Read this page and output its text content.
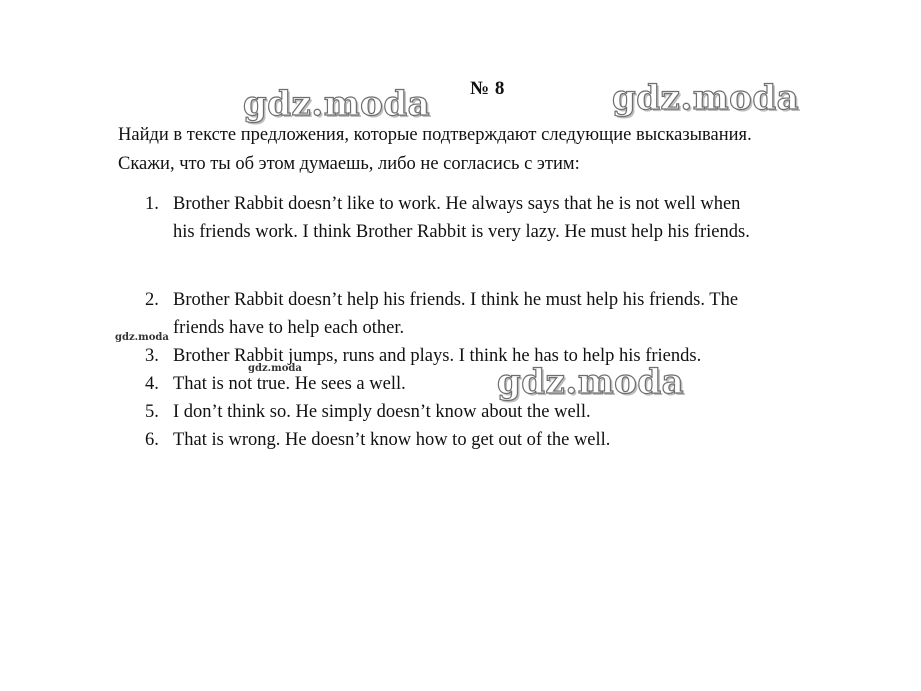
№ 8
Найди в тексте предложения, которые подтверждают следующие высказывания.
Скажи, что ты об этом думаешь, либо не согласись с этим:
1. Brother Rabbit doesn’t like to work. He always says that he is not well when
his friends work. I think Brother Rabbit is very lazy. He must help his friends.
2. Brother Rabbit doesn’t help his friends. I think he must help his friends. The
friends have to help each other.
3. Brother Rabbit jumps, runs and plays. I think he has to help his friends.
4. That is not true. He sees a well.
5. I don’t think so. He simply doesn’t know about the well.
6. That is wrong. He doesn’t know how to get out of the well.
gdz.moda	gdz.moda
gdz.moda
gdz.moda
gdz.moda
